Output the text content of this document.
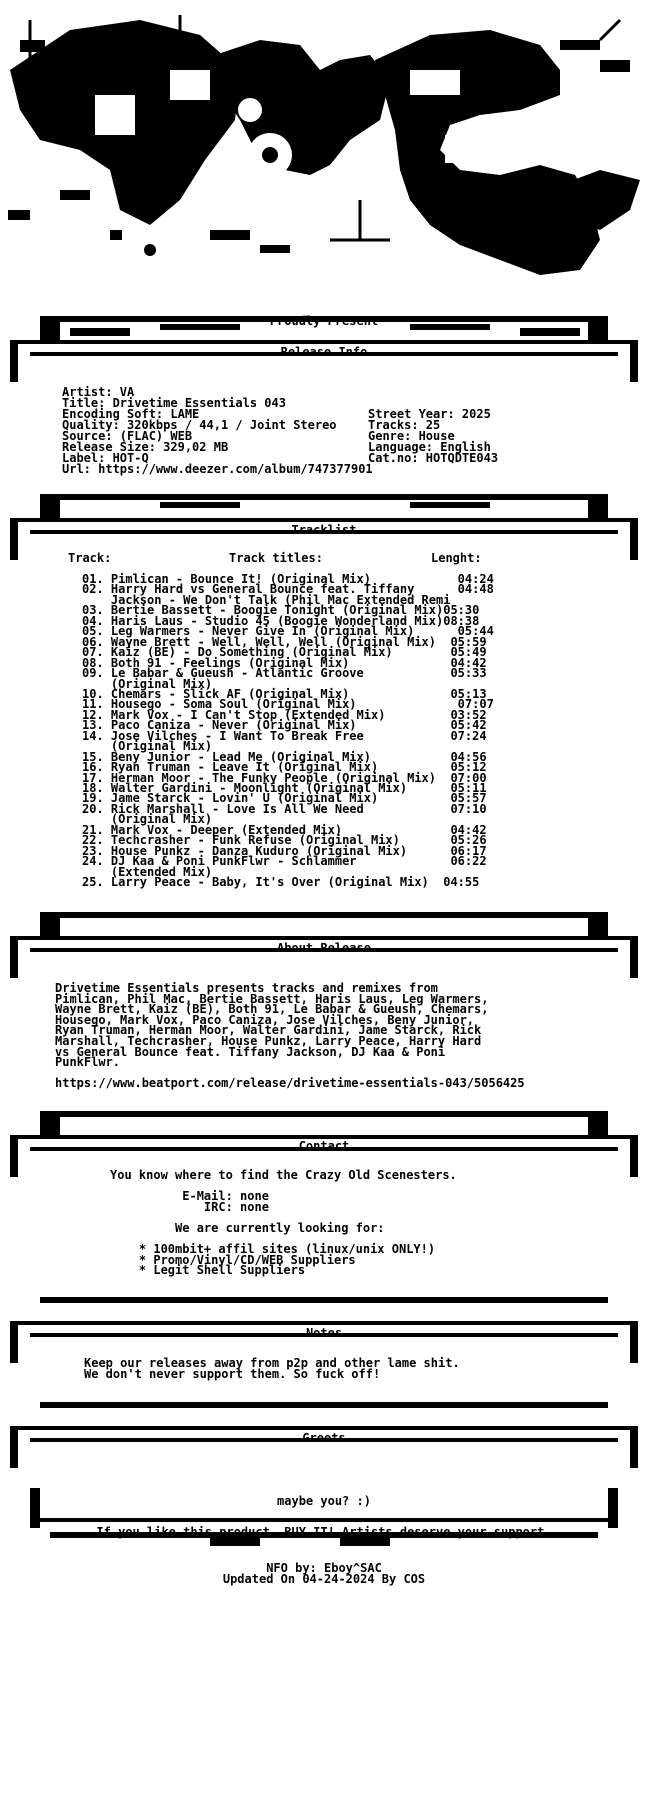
Release Info

Artist: VA

Title: Drivetime Essentials 043

Encoding Soft: LAME

Quality: 320kbps / 44,1 / Joint Stereo

Source: (FLAC) WEB

Release Size: 329,02 MB

Label: HOT-Q

Url: https://www.deezer.com/album/747377901

Street Year: 2025

Tracks: 25

Genre: House

Language: English

Cat.no: HOTQDTE043

Tracklist

Track:

	Track titles:

	Lenght:

01. Pimlican - Bounce It! (Original Mix)            04:24
02. Harry Hard vs General Bounce feat. Tiffany      04:48
Jackson - We Don't Talk (Phil Mac Extended Remi
03. Bertie Bassett - Boogie Tonight (Original Mix)05:30
04. Haris Laus - Studio 45 (Boogie Wonderland Mix)08:38
05. Leg Warmers - Never Give In (Original Mix)      05:44
06. Wayne Brett - Well, Well, Well (Original Mix)  05:59
07. Kaiz (BE) - Do Something (Original Mix)        05:49
08. Both 91 - Feelings (Original Mix)              04:42
09. Le Babar & Gueush - Atlantic Groove            05:33
(Original Mix)
10. Chemars - Slick AF (Original Mix)              05:13
11. Housego - Soma Soul (Original Mix)              07:07
12. Mark Vox - I Can't Stop (Extended Mix)         03:52
13. Paco Caniza - Never (Original Mix)             05:42
14. Jose Vilches - I Want To Break Free            07:24
(Original Mix)
15. Beny Junior - Lead Me (Original Mix)           04:56
16. Ryan Truman - Leave It (Original Mix)          05:12
17. Herman Moor - The Funky People (Original Mix)  07:00
18. Walter Gardini - Moonlight (Original Mix)      05:11
19. Jame Starck - Lovin' U (Original Mix)          05:57
20. Rick Marshall - Love Is All We Need            07:10
(Original Mix)
21. Mark Vox - Deeper (Extended Mix)               04:42
22. Techcrasher - Funk Refuse (Original Mix)       05:26
23. House Punkz - Danza Kuduro (Original Mix)      06:17
24. DJ Kaa & Poni PunkFlwr - Schlammer             06:22
(Extended Mix)
25. Larry Peace - Baby, It's Over (Original Mix)  04:55

About Release

Drivetime Essentials presents tracks and remixes from
Pimlican, Phil Mac, Bertie Bassett, Haris Laus, Leg Warmers,
Wayne Brett, Kaiz (BE), Both 91, Le Babar & Gueush, Chemars,
Housego, Mark Vox, Paco Caniza, Jose Vilches, Beny Junior,
Ryan Truman, Herman Moor, Walter Gardini, Jame Starck, Rick
Marshall, Techcrasher, House Punkz, Larry Peace, Harry Hard
vs General Bounce feat. Tiffany Jackson, DJ Kaa & Poni
PunkFlwr.
https://www.beatport.com/release/drivetime-essentials-043/5056425

Contact

You know where to find the Crazy Old Scenesters.
E-Mail: none
IRC: none
We are currently looking for:
* 100mbit+ affil sites (linux/unix ONLY!)
* Promo/Vinyl/CD/WEB Suppliers
* Legit Shell Suppliers

Notes

Keep our releases away from p2p and other lame shit.
We don't never support them. So fuck off!

Greets

maybe you? :)

If you like this product, BUY IT! Artists deserve your support.

NFO by: Eboy^SAC

Updated On 04-24-2024 By COS
